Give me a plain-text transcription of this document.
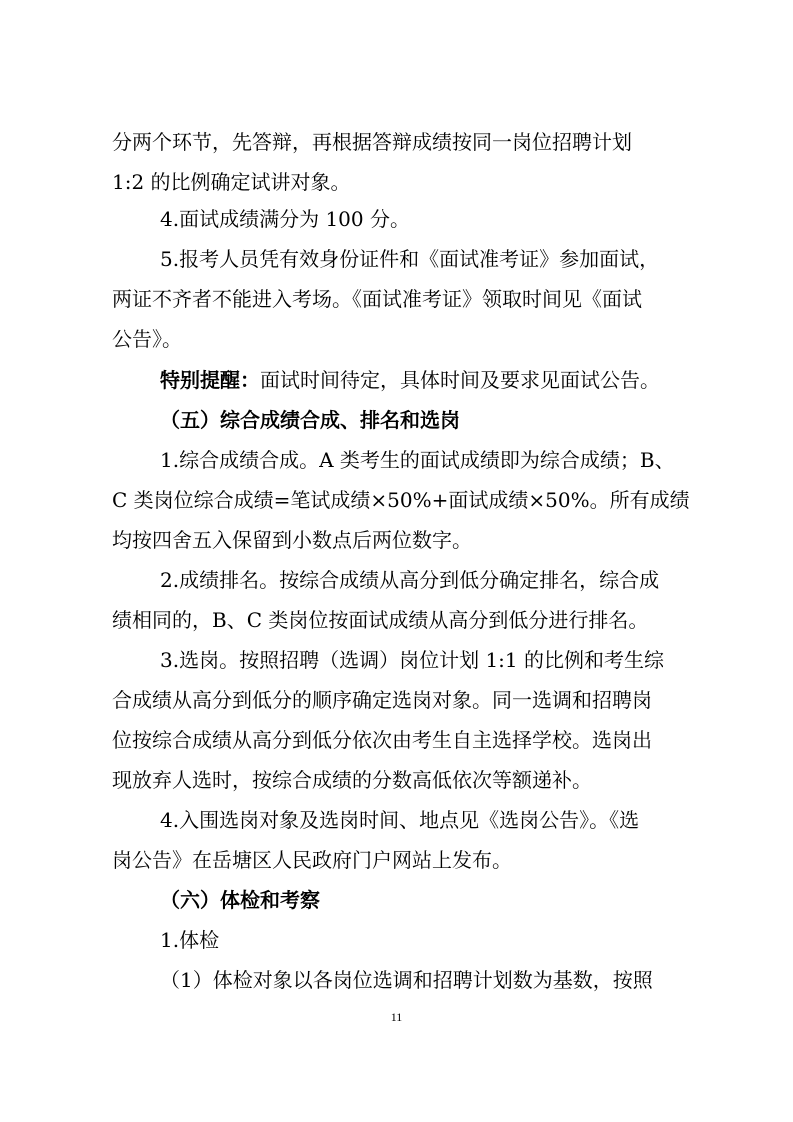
分两个环节，先答辩，再根据答辩成绩按同一岗位招聘计划

1:2 的比例确定试讲对象。

4.面试成绩满分为 100 分。

5.报考人员凭有效身份证件和《面试准考证》参加面试，

两证不齐者不能进入考场。《面试准考证》领取时间见《面试

公告》。

特别提醒：面试时间待定，具体时间及要求见面试公告。

（五）综合成绩合成、排名和选岗

1.综合成绩合成。A 类考生的面试成绩即为综合成绩；B、

C 类岗位综合成绩=笔试成绩×50%+面试成绩×50%。所有成绩

均按四舍五入保留到小数点后两位数字。

2.成绩排名。按综合成绩从高分到低分确定排名，综合成

绩相同的，B、C 类岗位按面试成绩从高分到低分进行排名。

3.选岗。按照招聘（选调）岗位计划 1:1 的比例和考生综

合成绩从高分到低分的顺序确定选岗对象。同一选调和招聘岗

位按综合成绩从高分到低分依次由考生自主选择学校。选岗出

现放弃人选时，按综合成绩的分数高低依次等额递补。

4.入围选岗对象及选岗时间、地点见《选岗公告》。《选

岗公告》在岳塘区人民政府门户网站上发布。

（六）体检和考察

1.体检

（1）体检对象以各岗位选调和招聘计划数为基数，按照

11
